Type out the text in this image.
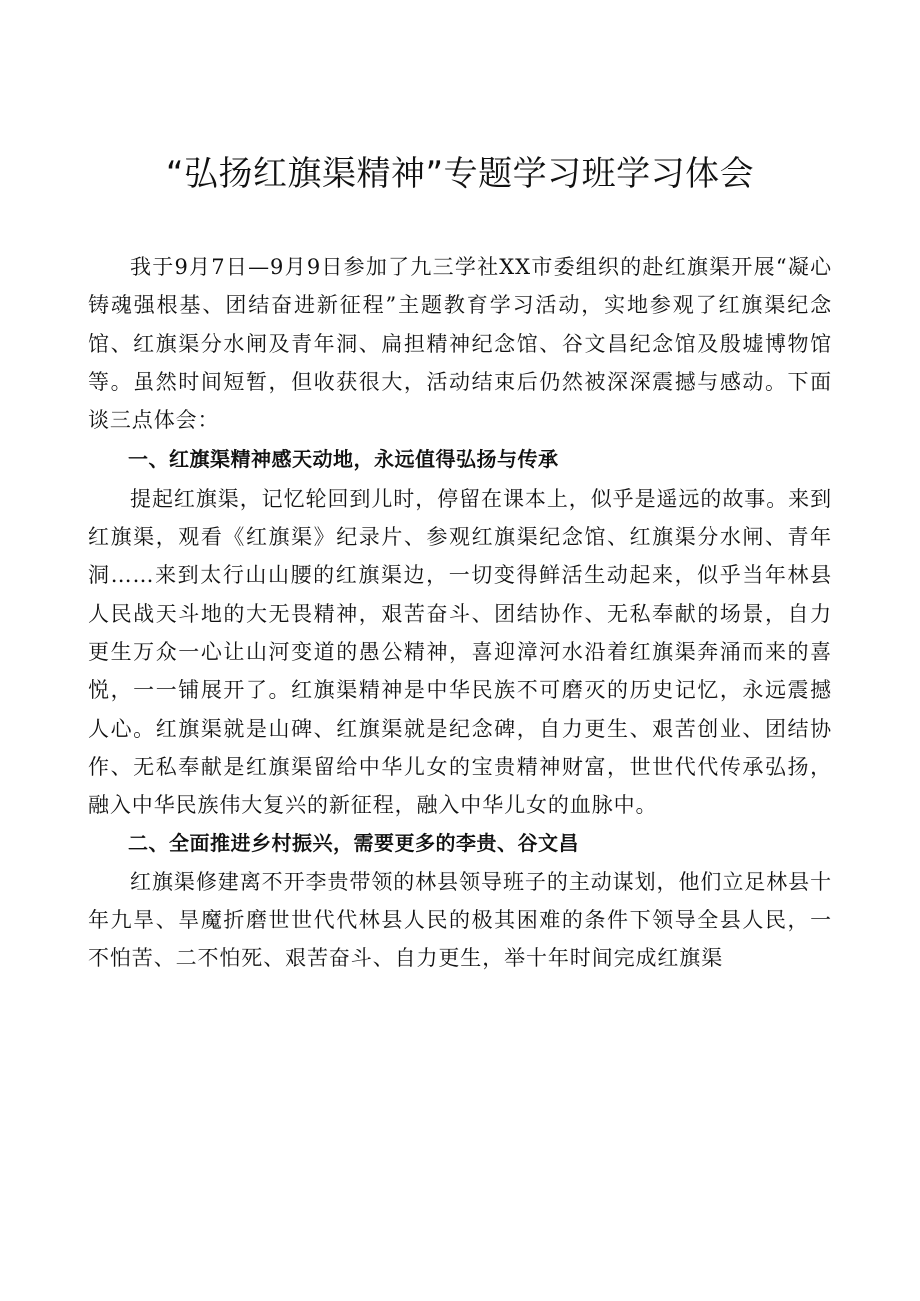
“弘扬红旗渠精神”专题学习班学习体会

我于9月7日—9月9日参加了九三学社XX市委组织的赴红旗渠开展“凝心铸魂强根基、团结奋进新征程”主题教育学习活动，实地参观了红旗渠纪念馆、红旗渠分水闸及青年洞、扁担精神纪念馆、谷文昌纪念馆及殷墟博物馆等。虽然时间短暂，但收获很大，活动结束后仍然被深深震撼与感动。下面谈三点体会：

一、红旗渠精神感天动地，永远值得弘扬与传承

提起红旗渠，记忆轮回到儿时，停留在课本上，似乎是遥远的故事。来到红旗渠，观看《红旗渠》纪录片、参观红旗渠纪念馆、红旗渠分水闸、青年洞……来到太行山山腰的红旗渠边，一切变得鲜活生动起来，似乎当年林县人民战天斗地的大无畏精神，艰苦奋斗、团结协作、无私奉献的场景，自力更生万众一心让山河变道的愚公精神，喜迎漳河水沿着红旗渠奔涌而来的喜悦，一一铺展开了。红旗渠精神是中华民族不可磨灭的历史记忆，永远震撼人心。红旗渠就是山碑、红旗渠就是纪念碑，自力更生、艰苦创业、团结协作、无私奉献是红旗渠留给中华儿女的宝贵精神财富，世世代代传承弘扬，融入中华民族伟大复兴的新征程，融入中华儿女的血脉中。

二、全面推进乡村振兴，需要更多的李贵、谷文昌

红旗渠修建离不开李贵带领的林县领导班子的主动谋划，他们立足林县十年九旱、旱魔折磨世世代代林县人民的极其困难的条件下领导全县人民，一不怕苦、二不怕死、艰苦奋斗、自力更生，举十年时间完成红旗渠
